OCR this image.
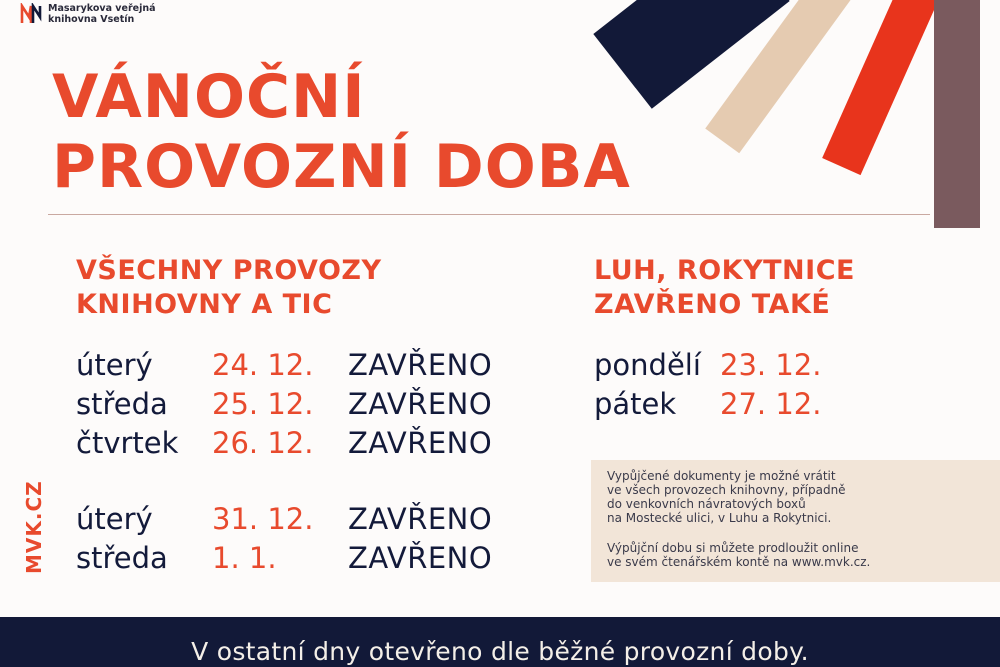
Masarykova veřejná
knihovna Vsetín
VÁNOČNÍ
PROVOZNÍ DOBA
VŠECHNY PROVOZY
KNIHOVNY A TIC
úterý 24. 12. ZAVŘENO
středa 25. 12. ZAVŘENO
čtvrtek 26. 12. ZAVŘENO
úterý 31. 12. ZAVŘENO
středa 1. 1. ZAVŘENO
LUH, ROKYTNICE
ZAVŘENO TAKÉ
pondělí 23. 12.
pátek 27. 12.
MVK.CZ

Vypůjčené dokumenty je možné vrátit
ve všech provozech knihovny, případně
do venkovních návratových boxů
na Mostecké ulici, v Luhu a Rokytnici.

Výpůjční dobu si můžete prodloužit online
ve svém čtenářském kontě na www.mvk.cz.

V ostatní dny otevřeno dle běžné provozní doby.
